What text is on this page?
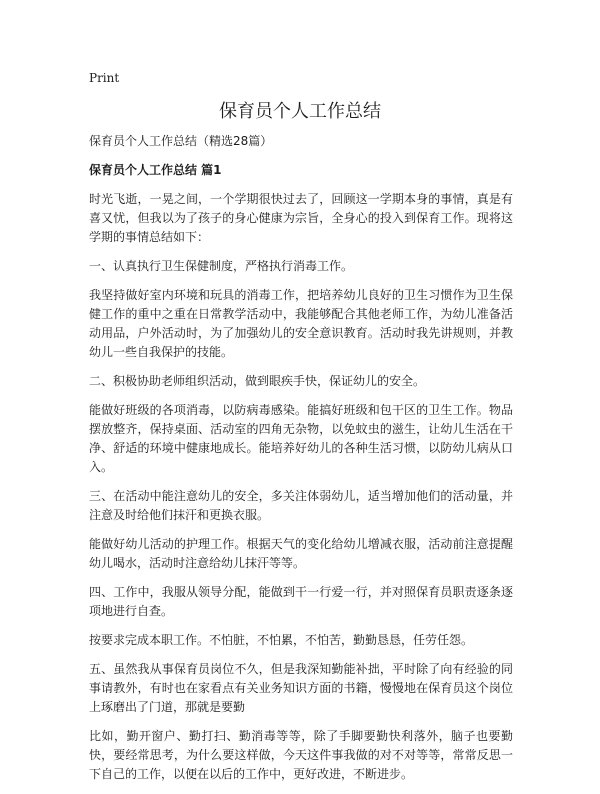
Print
保育员个人工作总结

保育员个人工作总结（精选28篇）

保育员个人工作总结 篇1

时光飞逝，一晃之间，一个学期很快过去了，回顾这一学期本身的事情，真是有喜又忧，但我以为了孩子的身心健康为宗旨，全身心的投入到保育工作。现将这学期的事情总结如下：

一、认真执行卫生保健制度，严格执行消毒工作。

我坚持做好室内环境和玩具的消毒工作，把培养幼儿良好的卫生习惯作为卫生保健工作的重中之重在日常教学活动中，我能够配合其他老师工作，为幼儿准备活动用品，户外活动时，为了加强幼儿的安全意识教育。活动时我先讲规则，并教幼儿一些自我保护的技能。

二、积极协助老师组织活动，做到眼疾手快，保证幼儿的安全。

能做好班级的各项消毒，以防病毒感染。能搞好班级和包干区的卫生工作。物品摆放整齐，保持桌面、活动室的四角无杂物，以免蚊虫的滋生，让幼儿生活在干净、舒适的环境中健康地成长。能培养好幼儿的各种生活习惯，以防幼儿病从口入。

三、在活动中能注意幼儿的安全，多关注体弱幼儿，适当增加他们的活动量，并注意及时给他们抹汗和更换衣服。

能做好幼儿活动的护理工作。根据天气的变化给幼儿增减衣服，活动前注意提醒幼儿喝水，活动时注意给幼儿抹汗等等。

四、工作中，我服从领导分配，能做到干一行爱一行，并对照保育员职责逐条逐项地进行自查。

按要求完成本职工作。不怕脏，不怕累，不怕苦，勤勤恳恳，任劳任怨。

五、虽然我从事保育员岗位不久，但是我深知勤能补拙，平时除了向有经验的同事请教外，有时也在家看点有关业务知识方面的书籍，慢慢地在保育员这个岗位上琢磨出了门道，那就是要勤

比如，勤开窗户、勤打扫、勤消毒等等，除了手脚要勤快利落外，脑子也要勤快，要经常思考，为什么要这样做，今天这件事我做的对不对等等，常常反思一下自己的工作，以便在以后的工作中，更好改进，不断进步。
